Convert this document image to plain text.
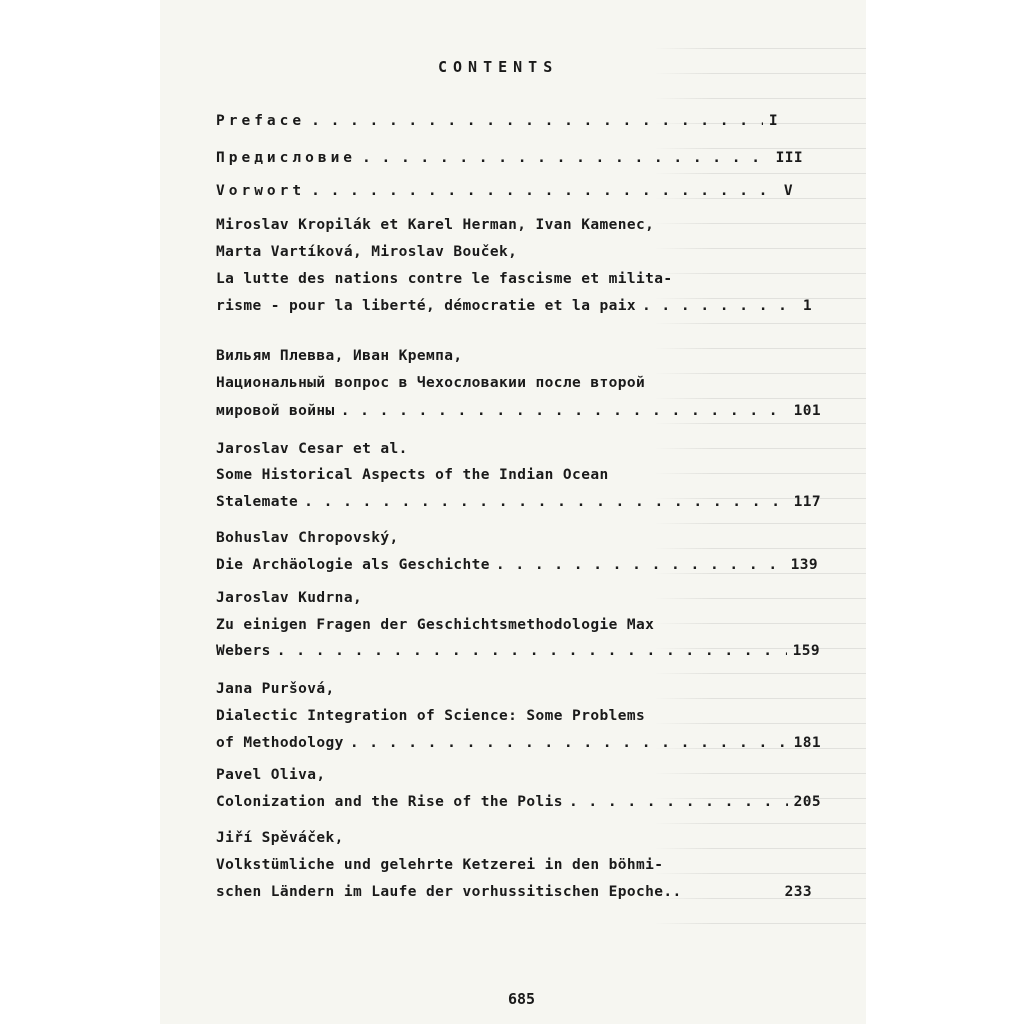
CONTENTS
Preface . . .	I
Предисловие . . .	III
Vorwort . . .	V
Miroslav Kropilák et Karel Herman, Ivan Kamenec,
Marta Vartíková, Miroslav Bouček,
La lutte des nations contre le fascisme et milita-
risme - pour la liberté, démocratie et la paix . . .	1
Вильям Плевва, Иван Кремпа,
Национальный вопрос в Чехословакии после второй
мировой войны . . .	101
Jaroslav Cesar et al.
Some Historical Aspects of the Indian Ocean
Stalemate . . .	117
Bohuslav Chropovský,
Die Archäologie als Geschichte . . .	139
Jaroslav Kudrna,
Zu einigen Fragen der Geschichtsmethodologie Max
Webers . . .	159
Jana Puršová,
Dialectic Integration of Science: Some Problems
of Methodology . . .	181
Pavel Oliva,
Colonization and the Rise of the Polis . . .	205
Jiří Spěváček,
Volkstümliche und gelehrte Ketzerei in den böhmi-
schen Ländern im Laufe der vorhussitischen Epoche..	233
685
